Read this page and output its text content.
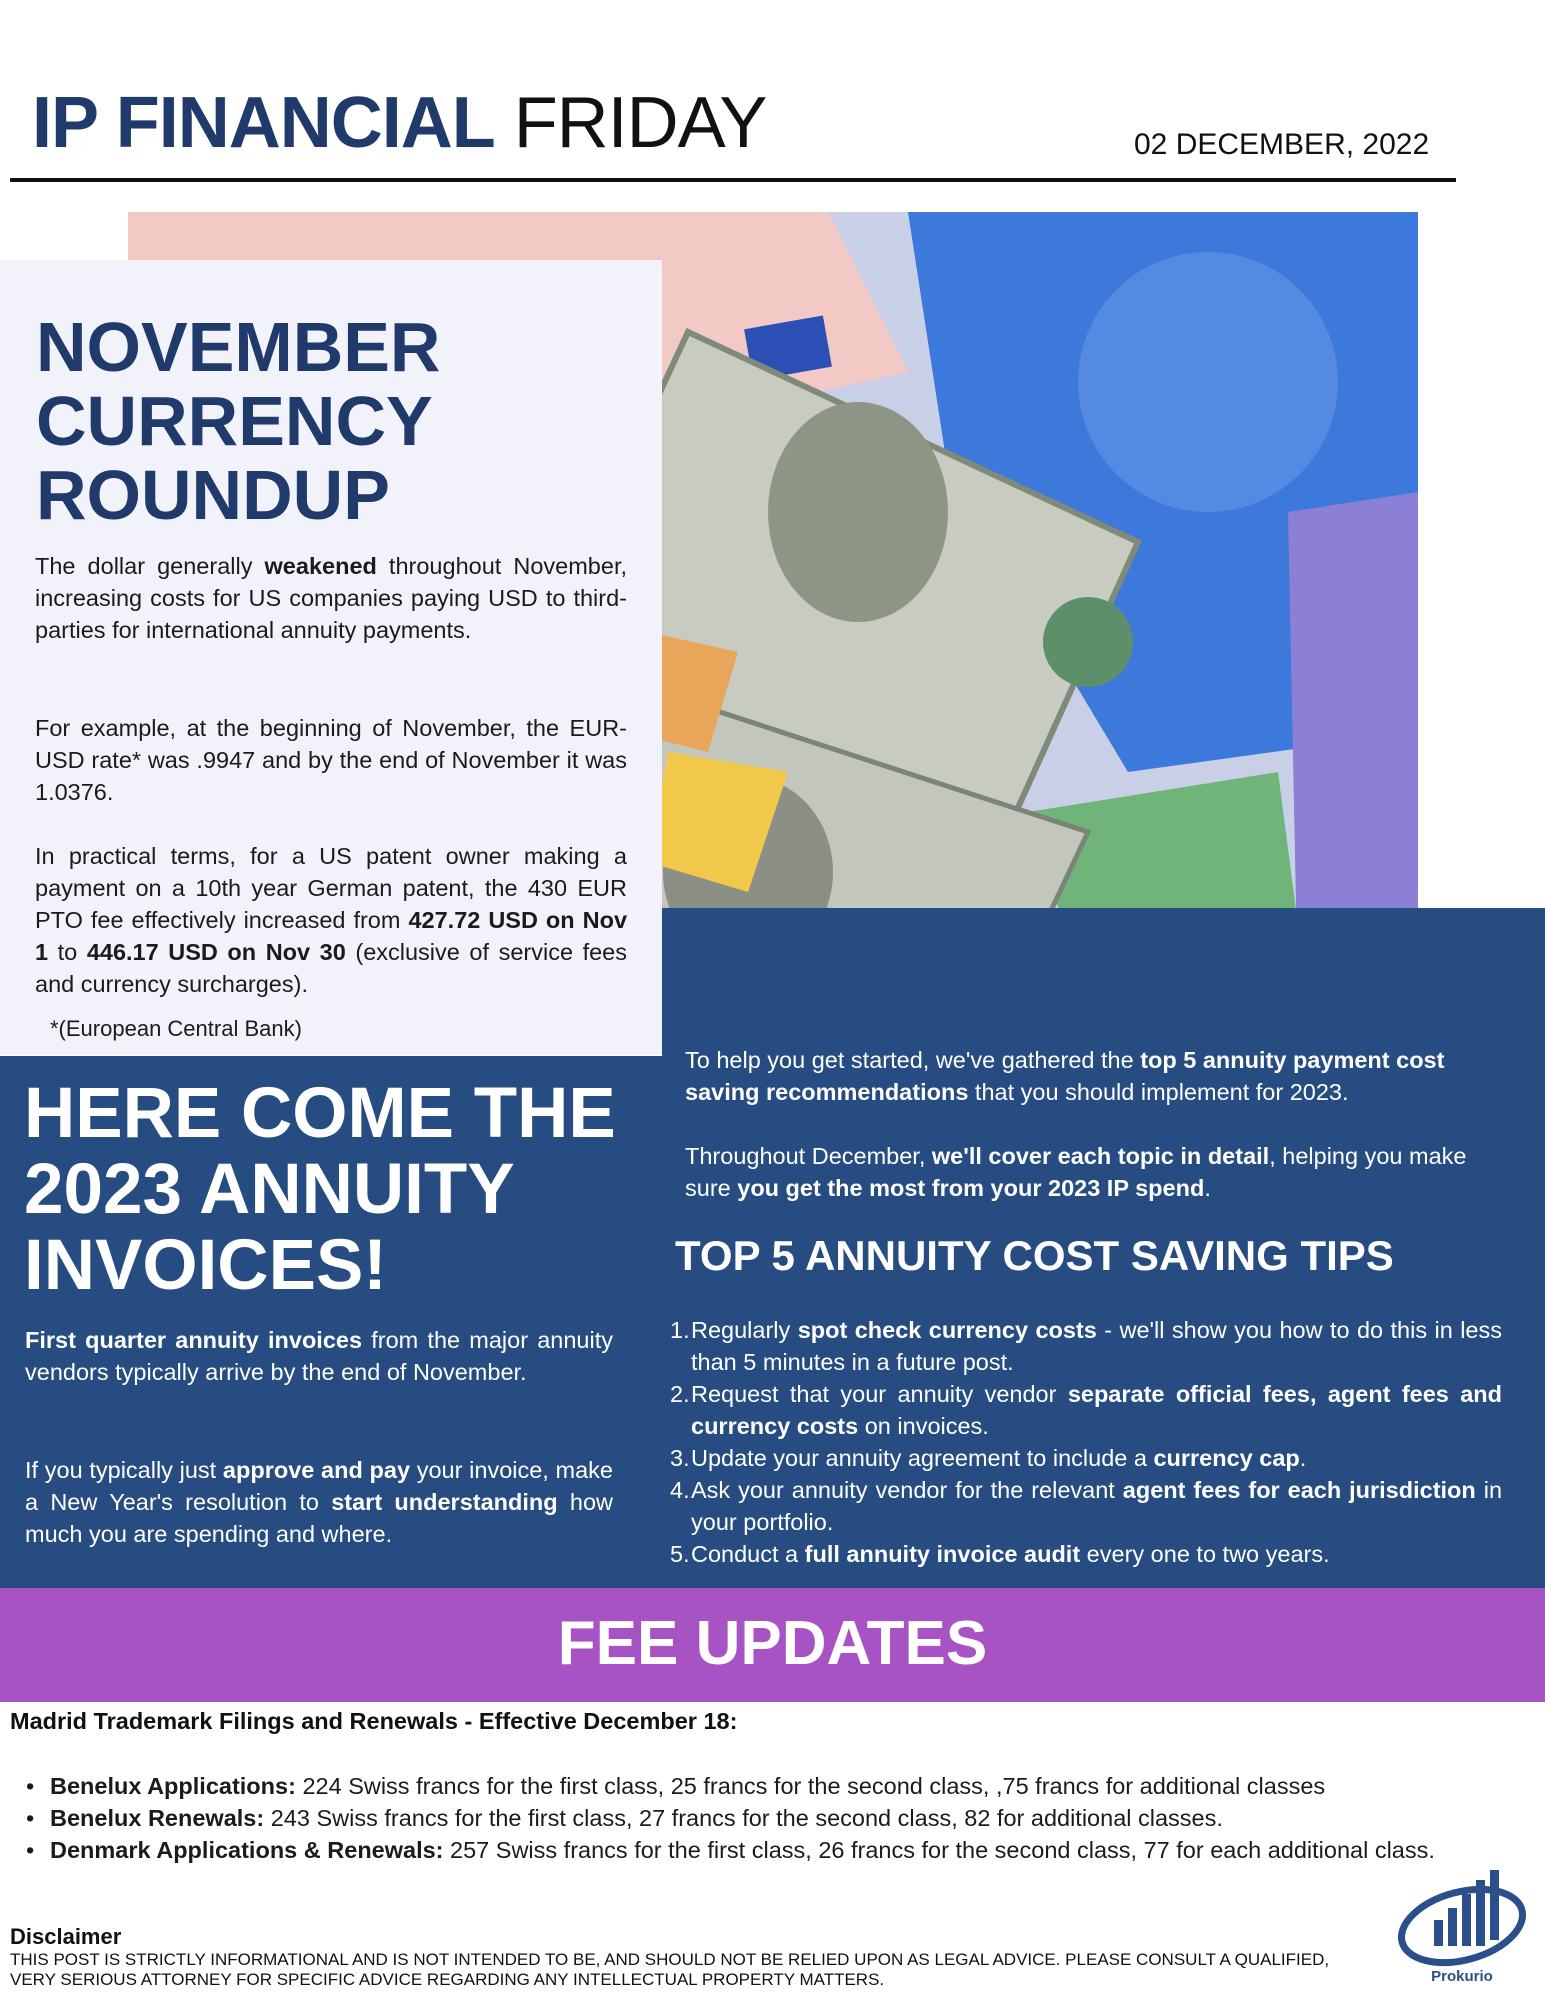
IP FINANCIAL FRIDAY	02 DECEMBER, 2022
NOVEMBER CURRENCY ROUNDUP
The dollar generally weakened throughout November, increasing costs for US companies paying USD to third-parties for international annuity payments.
For example, at the beginning of November, the EUR-USD rate* was .9947 and by the end of November it was 1.0376.
In practical terms, for a US patent owner making a payment on a 10th year German patent, the 430 EUR PTO fee effectively increased from 427.72 USD on Nov 1 to 446.17 USD on Nov 30 (exclusive of service fees and currency surcharges).
*(European Central Bank)
To help you get started, we've gathered the top 5 annuity payment cost saving recommendations that you should implement for 2023.
Throughout December, we'll cover each topic in detail, helping you make sure you get the most from your 2023 IP spend.
TOP 5 ANNUITY COST SAVING TIPS
1. Regularly spot check currency costs - we'll show you how to do this in less than 5 minutes in a future post.
2. Request that your annuity vendor separate official fees, agent fees and currency costs on invoices.
3. Update your annuity agreement to include a currency cap.
4. Ask your annuity vendor for the relevant agent fees for each jurisdiction in your portfolio.
5. Conduct a full annuity invoice audit every one to two years.
HERE COME THE 2023 ANNUITY INVOICES!
First quarter annuity invoices from the major annuity vendors typically arrive by the end of November.
If you typically just approve and pay your invoice, make a New Year's resolution to start understanding how much you are spending and where.
FEE UPDATES
Madrid Trademark Filings and Renewals - Effective December 18:
• Benelux Applications: 224 Swiss francs for the first class, 25 francs for the second class, ,75 francs for additional classes
• Benelux Renewals: 243 Swiss francs for the first class, 27 francs for the second class, 82 for additional classes.
• Denmark Applications & Renewals: 257 Swiss francs for the first class, 26 francs for the second class, 77 for each additional class.
Disclaimer
THIS POST IS STRICTLY INFORMATIONAL AND IS NOT INTENDED TO BE, AND SHOULD NOT BE RELIED UPON AS LEGAL ADVICE. PLEASE CONSULT A QUALIFIED, VERY SERIOUS ATTORNEY FOR SPECIFIC ADVICE REGARDING ANY INTELLECTUAL PROPERTY MATTERS.	Prokurio
